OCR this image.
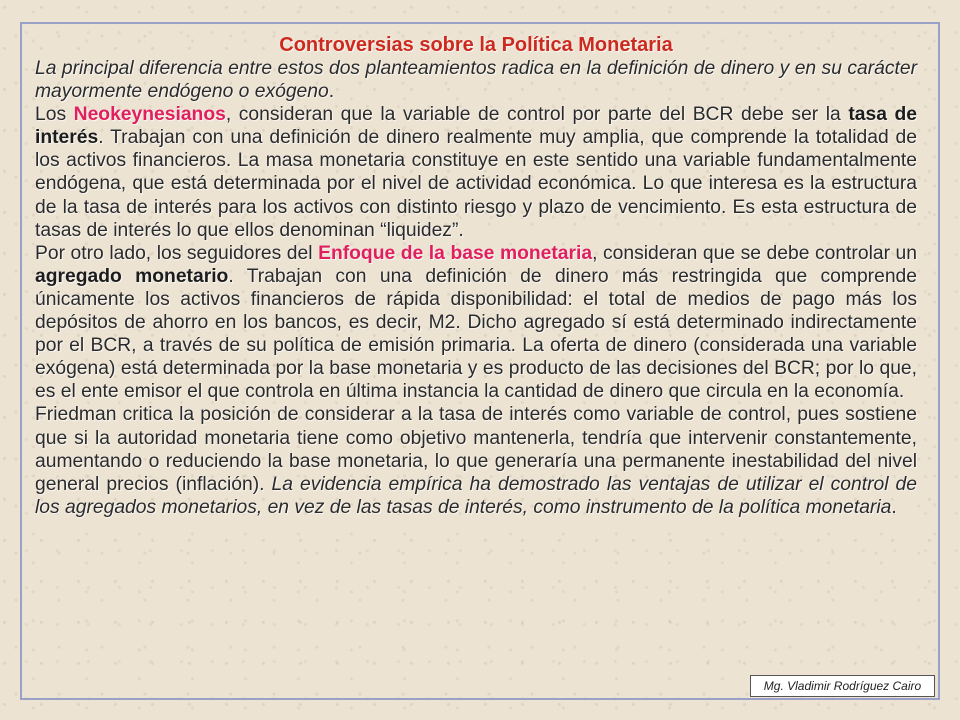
Controversias sobre la Política Monetaria

La principal diferencia entre estos dos planteamientos radica en la definición de dinero y en su carácter mayormente endógeno o exógeno.

Los Neokeynesianos, consideran que la variable de control por parte del BCR debe ser la tasa de interés. Trabajan con una definición de dinero realmente muy amplia, que comprende la totalidad de los activos financieros. La masa monetaria constituye en este sentido una variable fundamentalmente endógena, que está determinada por el nivel de actividad económica. Lo que interesa es la estructura de la tasa de interés para los activos con distinto riesgo y plazo de vencimiento. Es esta estructura de tasas de interés lo que ellos denominan “liquidez”.

Por otro lado, los seguidores del Enfoque de la base monetaria, consideran que se debe controlar un agregado monetario. Trabajan con una definición de dinero más restringida que comprende únicamente los activos financieros de rápida disponibilidad: el total de medios de pago más los depósitos de ahorro en los bancos, es decir, M2. Dicho agregado sí está determinado indirectamente por el BCR, a través de su política de emisión primaria. La oferta de dinero (considerada una variable exógena) está determinada por la base monetaria y es producto de las decisiones del BCR; por lo que, es el ente emisor el que controla en última instancia la cantidad de dinero que circula en la economía.

Friedman critica la posición de considerar a la tasa de interés como variable de control, pues sostiene que si la autoridad monetaria tiene como objetivo mantenerla, tendría que intervenir constantemente, aumentando o reduciendo la base monetaria, lo que generaría una permanente inestabilidad del nivel general precios (inflación). La evidencia empírica ha demostrado las ventajas de utilizar el control de los agregados monetarios, en vez de las tasas de interés, como instrumento de la política monetaria.

Mg. Vladimir Rodríguez Cairo
